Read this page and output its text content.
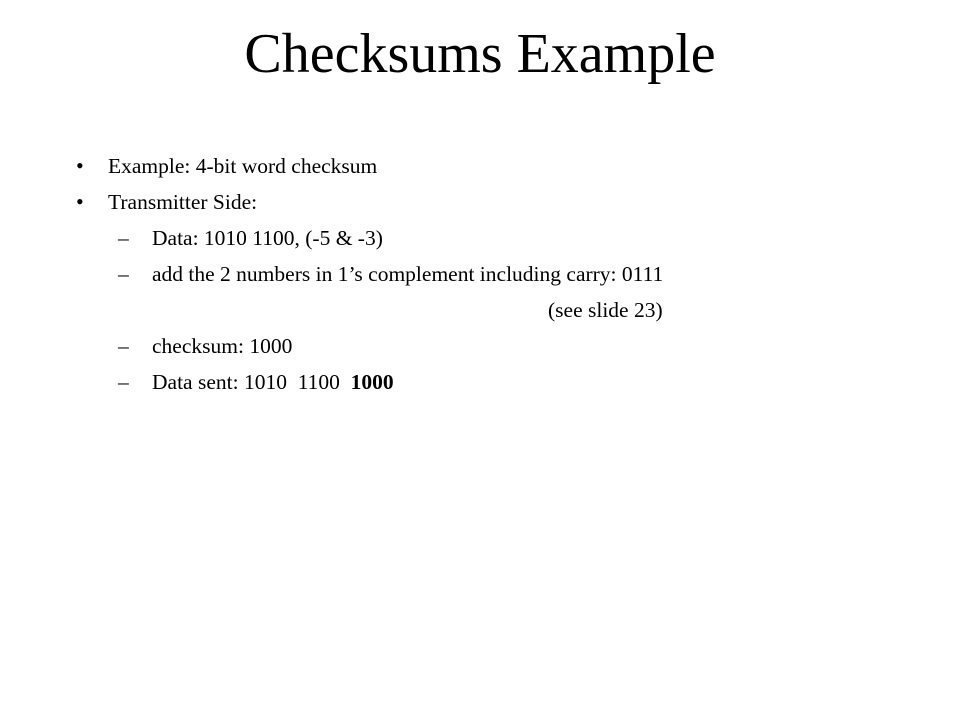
Checksums Example
• Example: 4-bit word checksum
• Transmitter Side:
– Data: 1010 1100, (-5 & -3)
– add the 2 numbers in 1’s complement including carry: 0111
(see slide 23)
– checksum: 1000
– Data sent: 1010  1100  1000
